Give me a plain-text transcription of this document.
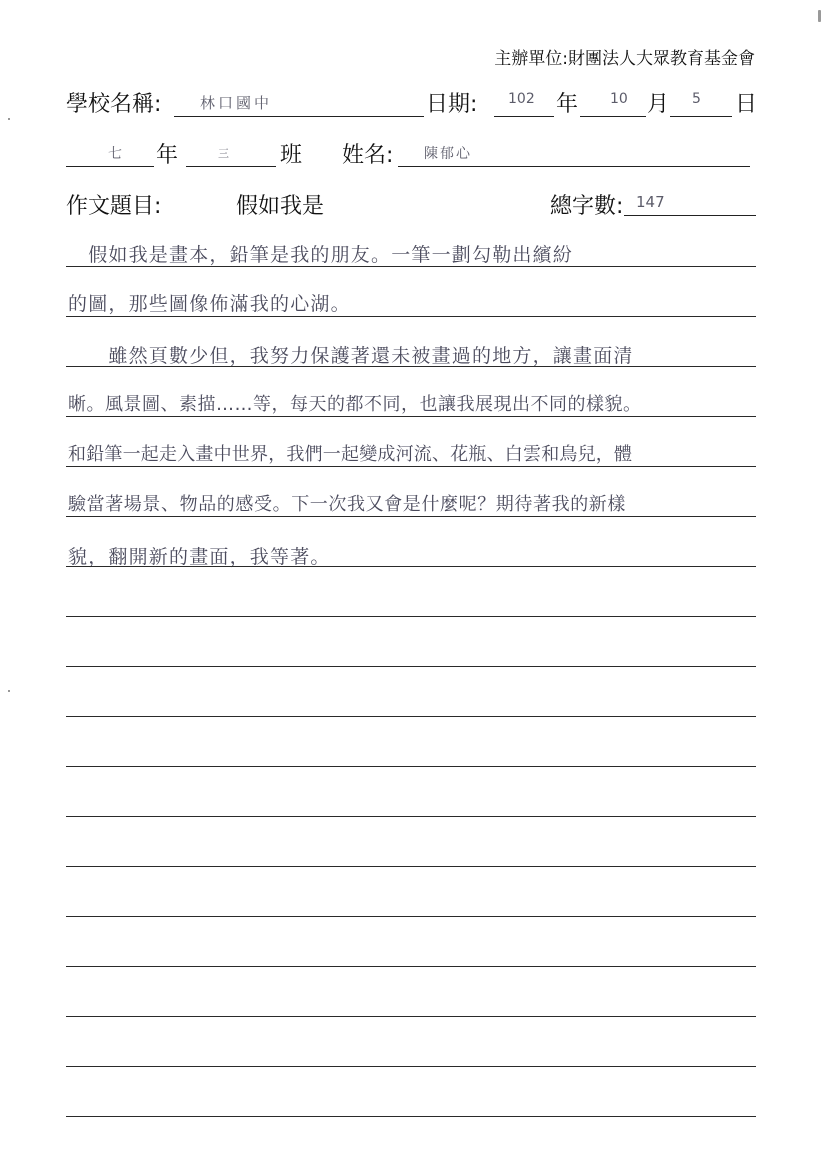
主辦單位:財團法人大眾教育基金會
學校名稱:	林口國中	日期: 102 年 10 月 5 日
七 年	三 班 姓名: 陳郁心
作文題目:	假如我是	總字數: 147
　假如我是畫本，鉛筆是我的朋友。一筆一劃勾勒出繽紛
的圖，那些圖像佈滿我的心湖。
　　雖然頁數少但，我努力保護著還未被畫過的地方，讓畫面清
晰。風景圖、素描……等，每天的都不同，也讓我展現出不同的樣貌。
和鉛筆一起走入畫中世界，我們一起變成河流、花瓶、白雲和鳥兒，體
驗當著場景、物品的感受。下一次我又會是什麼呢？期待著我的新樣
貌，翻開新的畫面，我等著。
